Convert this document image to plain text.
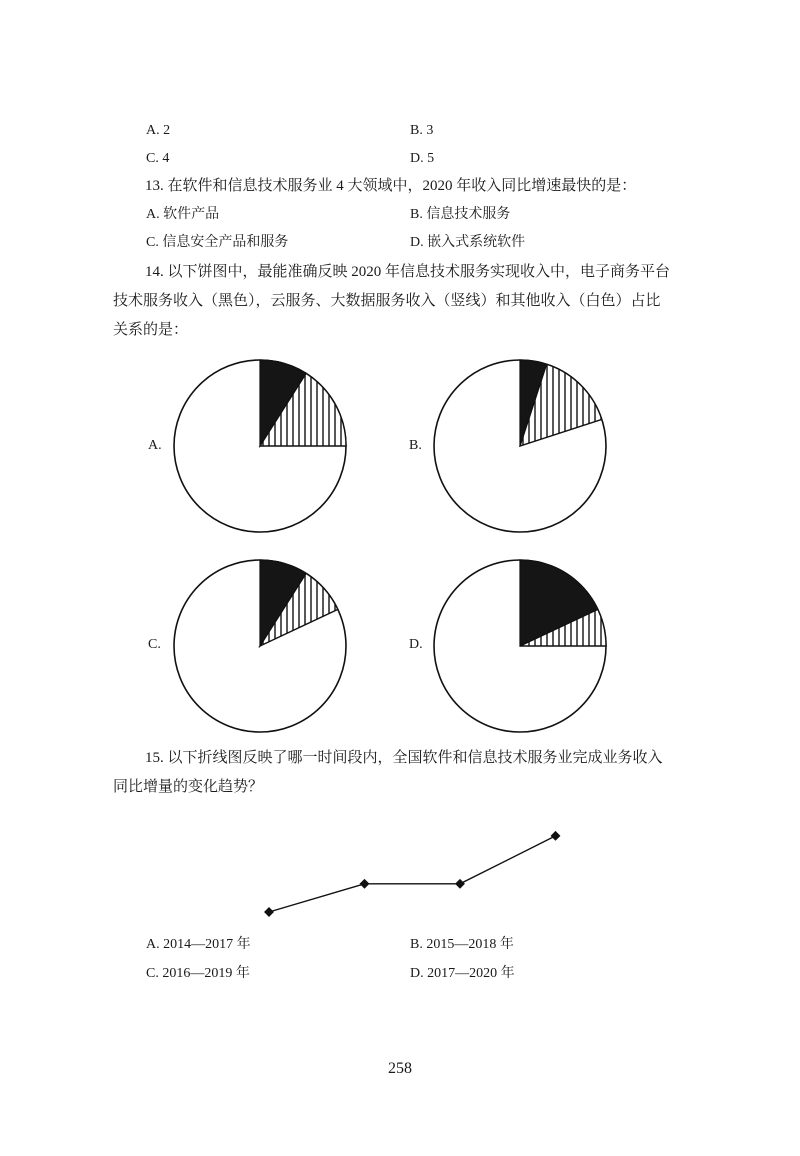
A. 2	B. 3
C. 4	D. 5
13. 在软件和信息技术服务业 4 大领域中，2020 年收入同比增速最快的是：
A. 软件产品	B. 信息技术服务
C. 信息安全产品和服务	D. 嵌入式系统软件
14. 以下饼图中，最能准确反映 2020 年信息技术服务实现收入中，电子商务平台
技术服务收入（黑色），云服务、大数据服务收入（竖线）和其他收入（白色）占比
关系的是：
A.	B.
C.	D.
15. 以下折线图反映了哪一时间段内，全国软件和信息技术服务业完成业务收入
同比增量的变化趋势？
A. 2014—2017 年	B. 2015—2018 年
C. 2016—2019 年	D. 2017—2020 年
258
